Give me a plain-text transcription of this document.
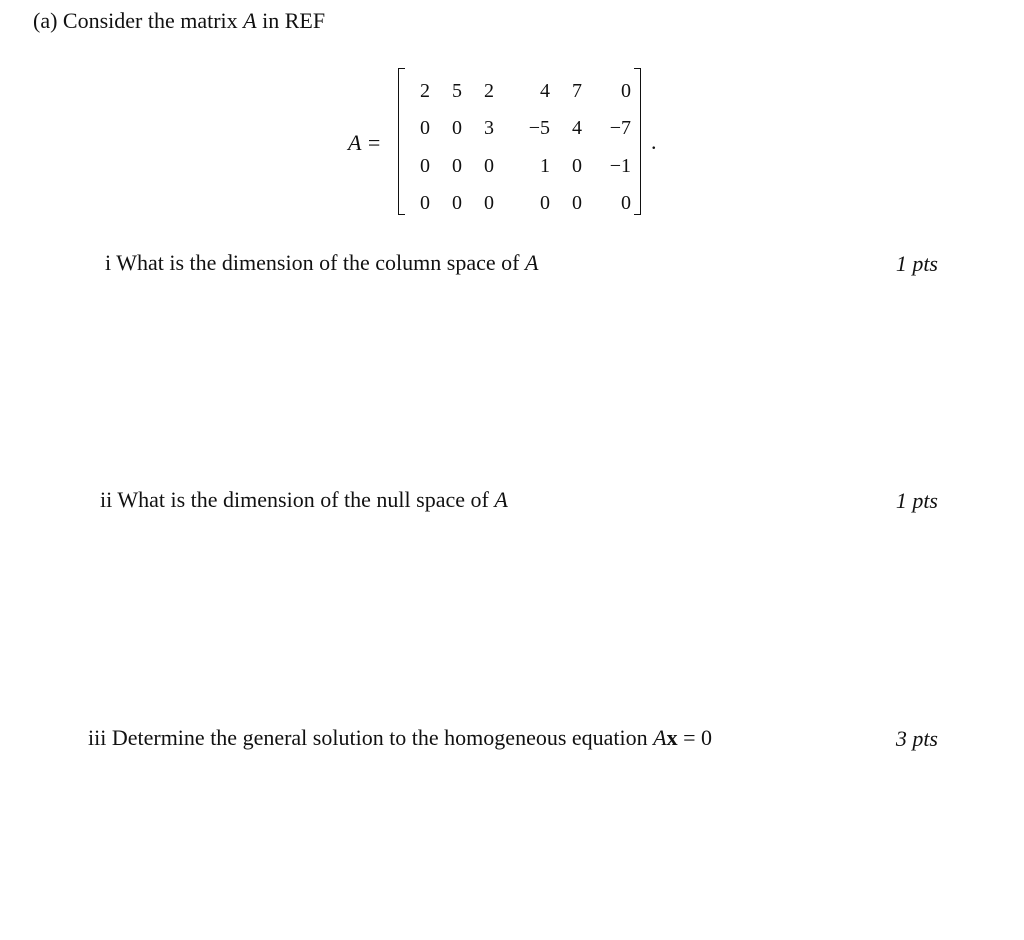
(a) Consider the matrix A in REF
A =
2	5	2	4	7	0
0	0	3	−5	4	−7
0	0	0	1	0	−1
0	0	0	0	0	0
.
i What is the dimension of the column space of A	1 pts
ii What is the dimension of the null space of A	1 pts
iii Determine the general solution to the homogeneous equation Ax = 0	3 pts
